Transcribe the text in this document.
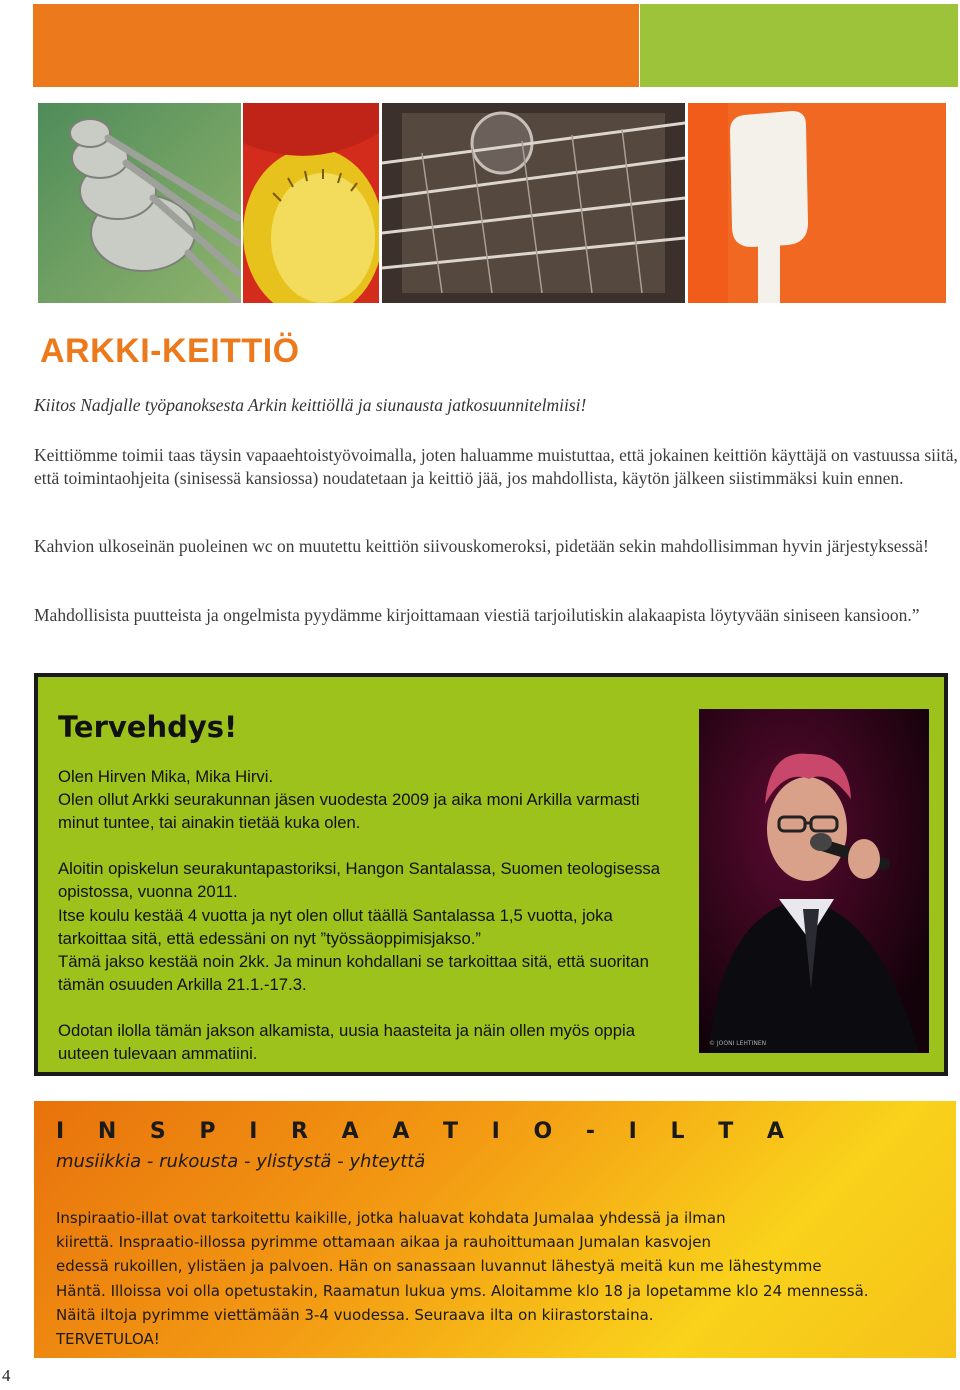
ARKKI-KEITTIÖ

Kiitos Nadjalle työpanoksesta Arkin keittiöllä ja siunausta jatkosuunnitelmiisi!

Keittiömme toimii taas täysin vapaaehtoistyövoimalla, joten haluamme muistuttaa, että jokainen keittiön käyttäjä on vastuussa siitä, että toimintaohjeita (sinisessä kansiossa) noudatetaan ja keittiö jää, jos mahdollista, käytön jälkeen siistimmäksi kuin ennen.

Kahvion ulkoseinän puoleinen wc on muutettu keittiön siivouskomeroksi, pidetään sekin mahdollisimman hyvin järjestyksessä!

Mahdollisista puutteista ja ongelmista pyydämme kirjoittamaan viestiä tarjoilutiskin alakaapista löytyvään siniseen kansioon.”

Tervehdys!

Olen Hirven Mika, Mika Hirvi.

Olen ollut Arkki seurakunnan jäsen vuodesta 2009 ja aika moni Arkilla varmasti minut tuntee, tai ainakin tietää kuka olen.

Aloitin opiskelun seurakuntapastoriksi, Hangon Santalassa, Suomen teologisessa opistossa, vuonna 2011.

Itse koulu kestää 4 vuotta ja nyt olen ollut täällä Santalassa 1,5 vuotta, joka tarkoittaa sitä, että edessäni on nyt ”työssäoppimisjakso.”

Tämä jakso kestää noin 2kk. Ja minun kohdallani se tarkoittaa sitä, että suoritan tämän osuuden Arkilla 21.1.-17.3.

Odotan ilolla tämän jakson alkamista, uusia haasteita ja näin ollen myös oppia uuteen tulevaan ammatiini.

© JOONI LEHTINEN
I N S P I R A A T I O - I L T A

musiikkia - rukousta - ylistystä - yhteyttä

Inspiraatio-illat ovat tarkoitettu kaikille, jotka haluavat kohdata Jumalaa yhdessä ja ilman
kiirettä. Inspraatio-illossa pyrimme ottamaan aikaa ja rauhoittumaan Jumalan kasvojen
edessä rukoillen, ylistäen ja palvoen. Hän on sanassaan luvannut lähestyä meitä kun me lähestymme
Häntä. Illoissa voi olla opetustakin, Raamatun lukua yms. Aloitamme klo 18 ja lopetamme klo 24 mennessä.
Näitä iltoja pyrimme viettämään 3-4 vuodessa. Seuraava ilta on kiirastorstaina.
TERVETULOA!

4
